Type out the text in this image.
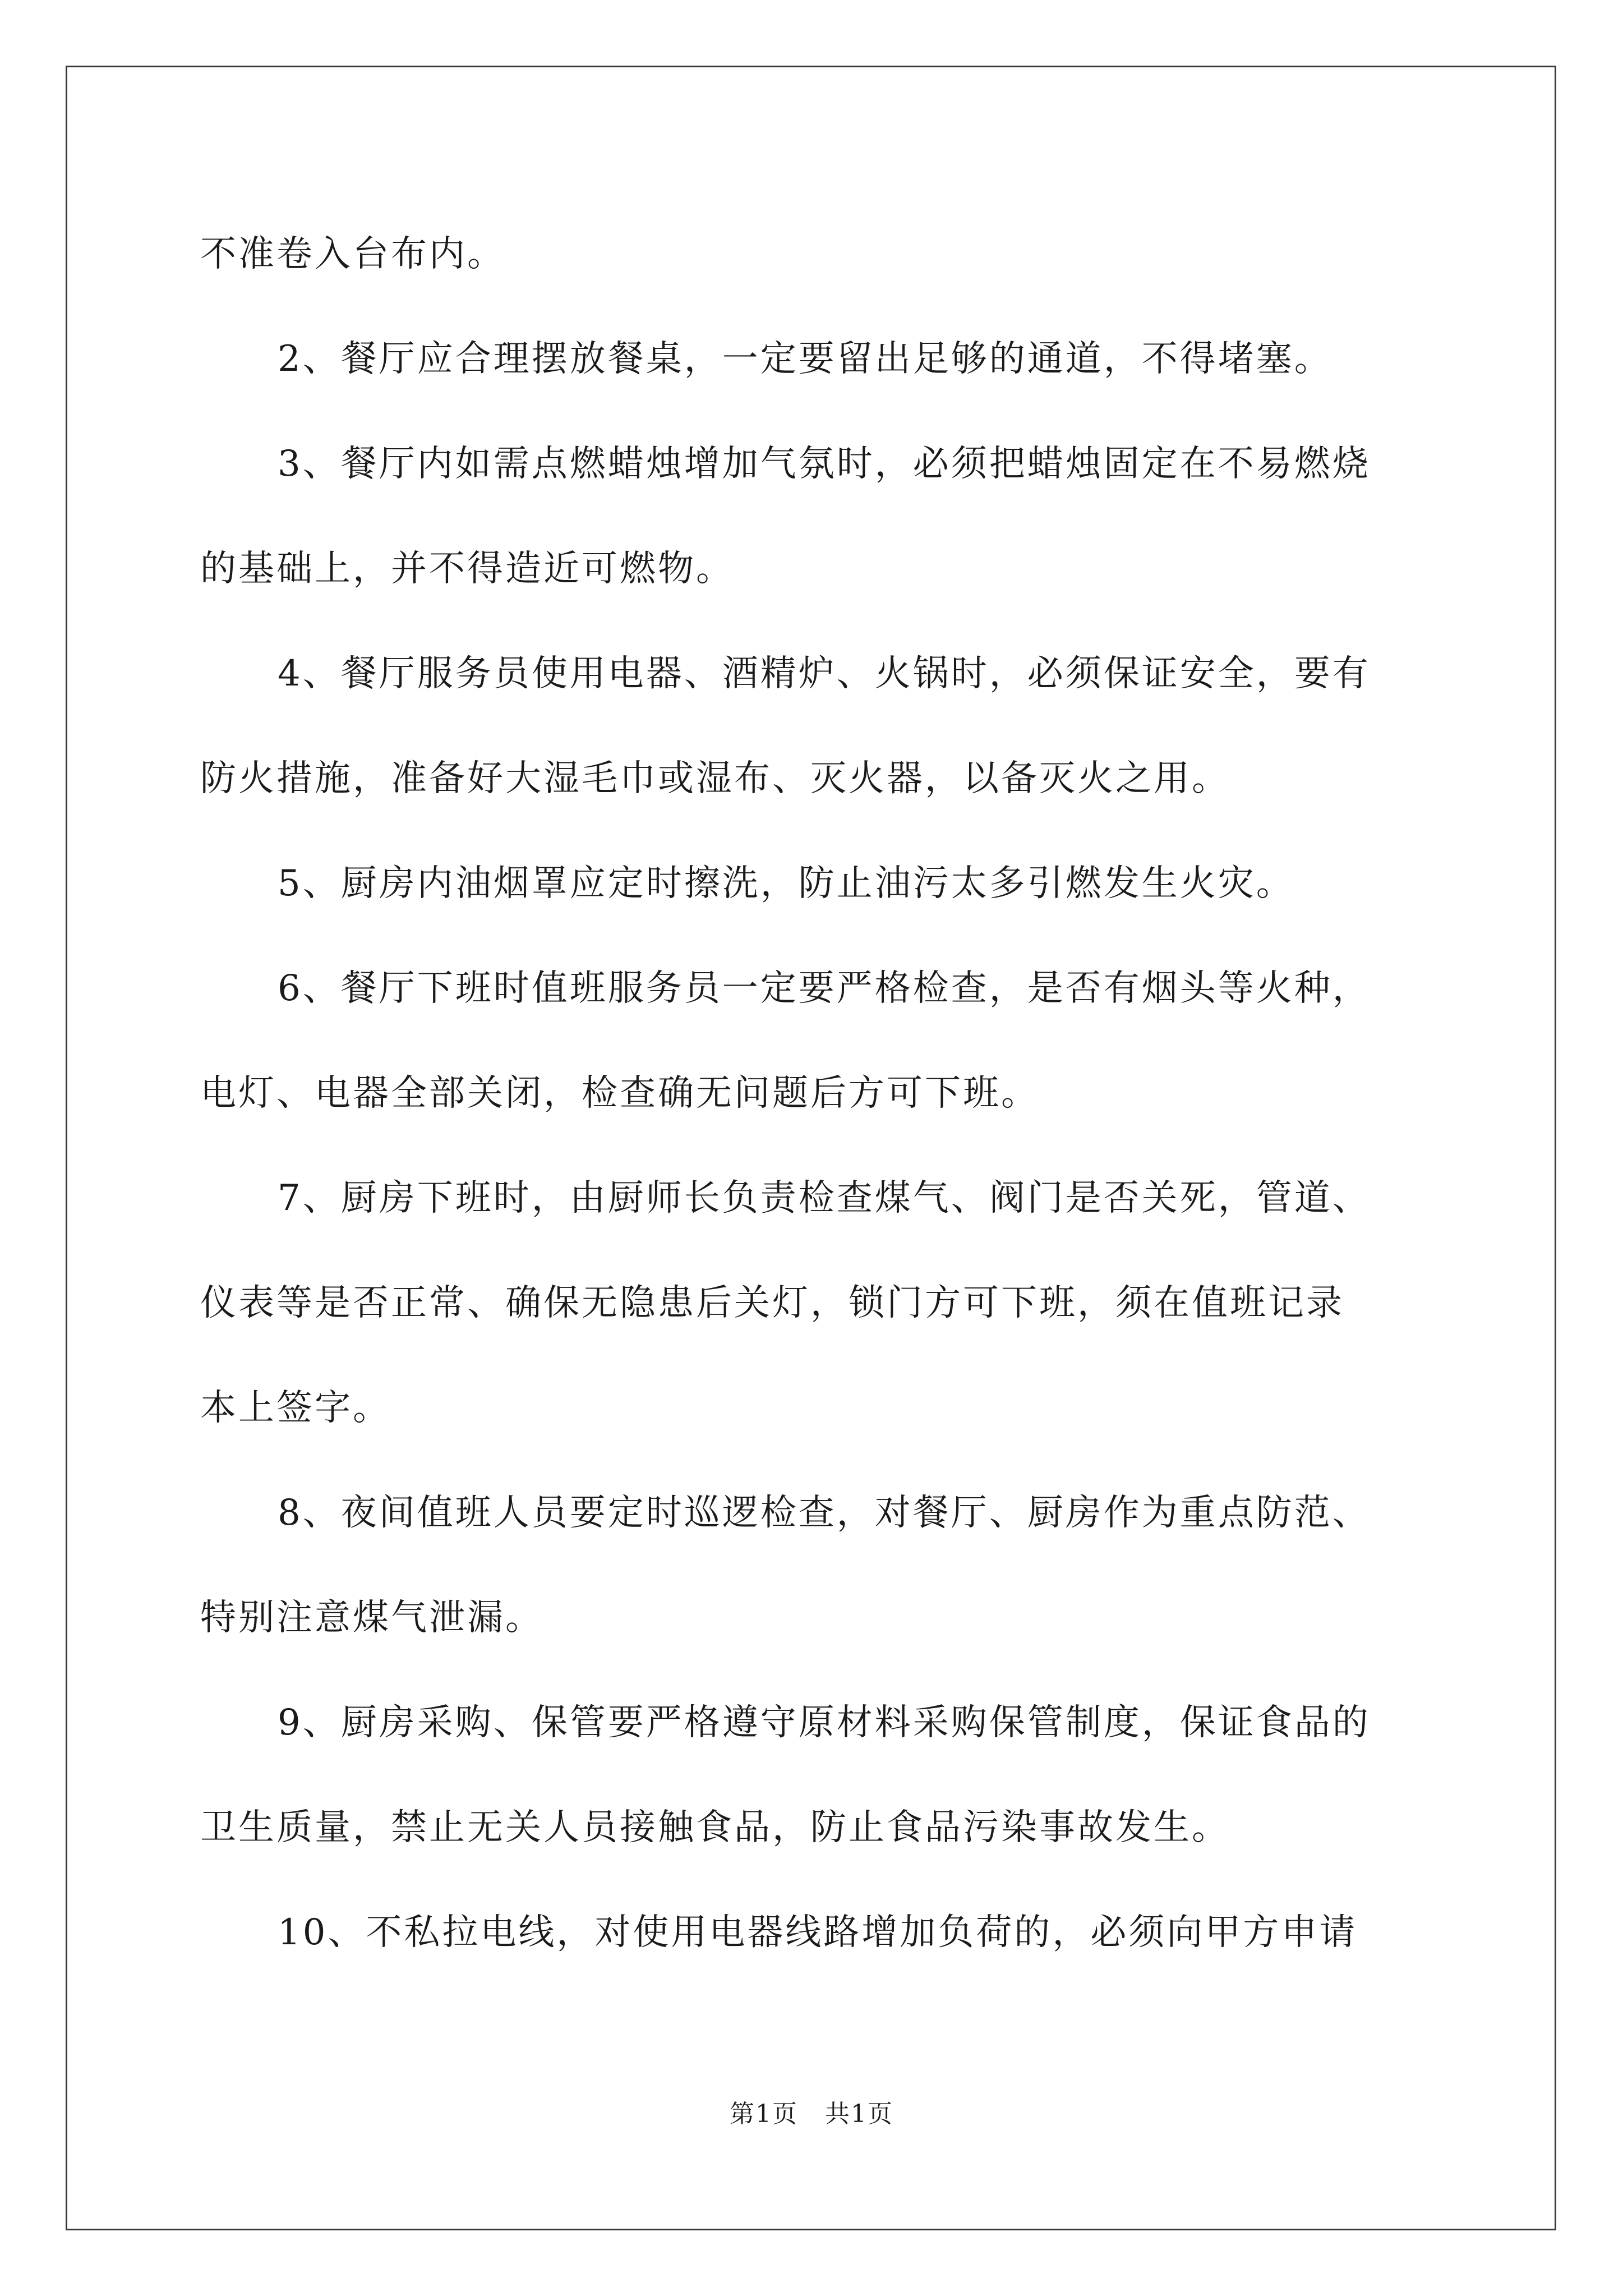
不准卷入台布内。
2、餐厅应合理摆放餐桌，一定要留出足够的通道，不得堵塞。
3、餐厅内如需点燃蜡烛增加气氛时，必须把蜡烛固定在不易燃烧
的基础上，并不得造近可燃物。
4、餐厅服务员使用电器、酒精炉、火锅时，必须保证安全，要有
防火措施，准备好大湿毛巾或湿布、灭火器，以备灭火之用。
5、厨房内油烟罩应定时擦洗，防止油污太多引燃发生火灾。
6、餐厅下班时值班服务员一定要严格检查，是否有烟头等火种，
电灯、电器全部关闭，检查确无问题后方可下班。
7、厨房下班时，由厨师长负责检查煤气、阀门是否关死，管道、
仪表等是否正常、确保无隐患后关灯，锁门方可下班，须在值班记录
本上签字。
8、夜间值班人员要定时巡逻检查，对餐厅、厨房作为重点防范、
特别注意煤气泄漏。
9、厨房采购、保管要严格遵守原材料采购保管制度，保证食品的
卫生质量，禁止无关人员接触食品，防止食品污染事故发生。
10、不私拉电线，对使用电器线路增加负荷的，必须向甲方申请
第1页 共1页
